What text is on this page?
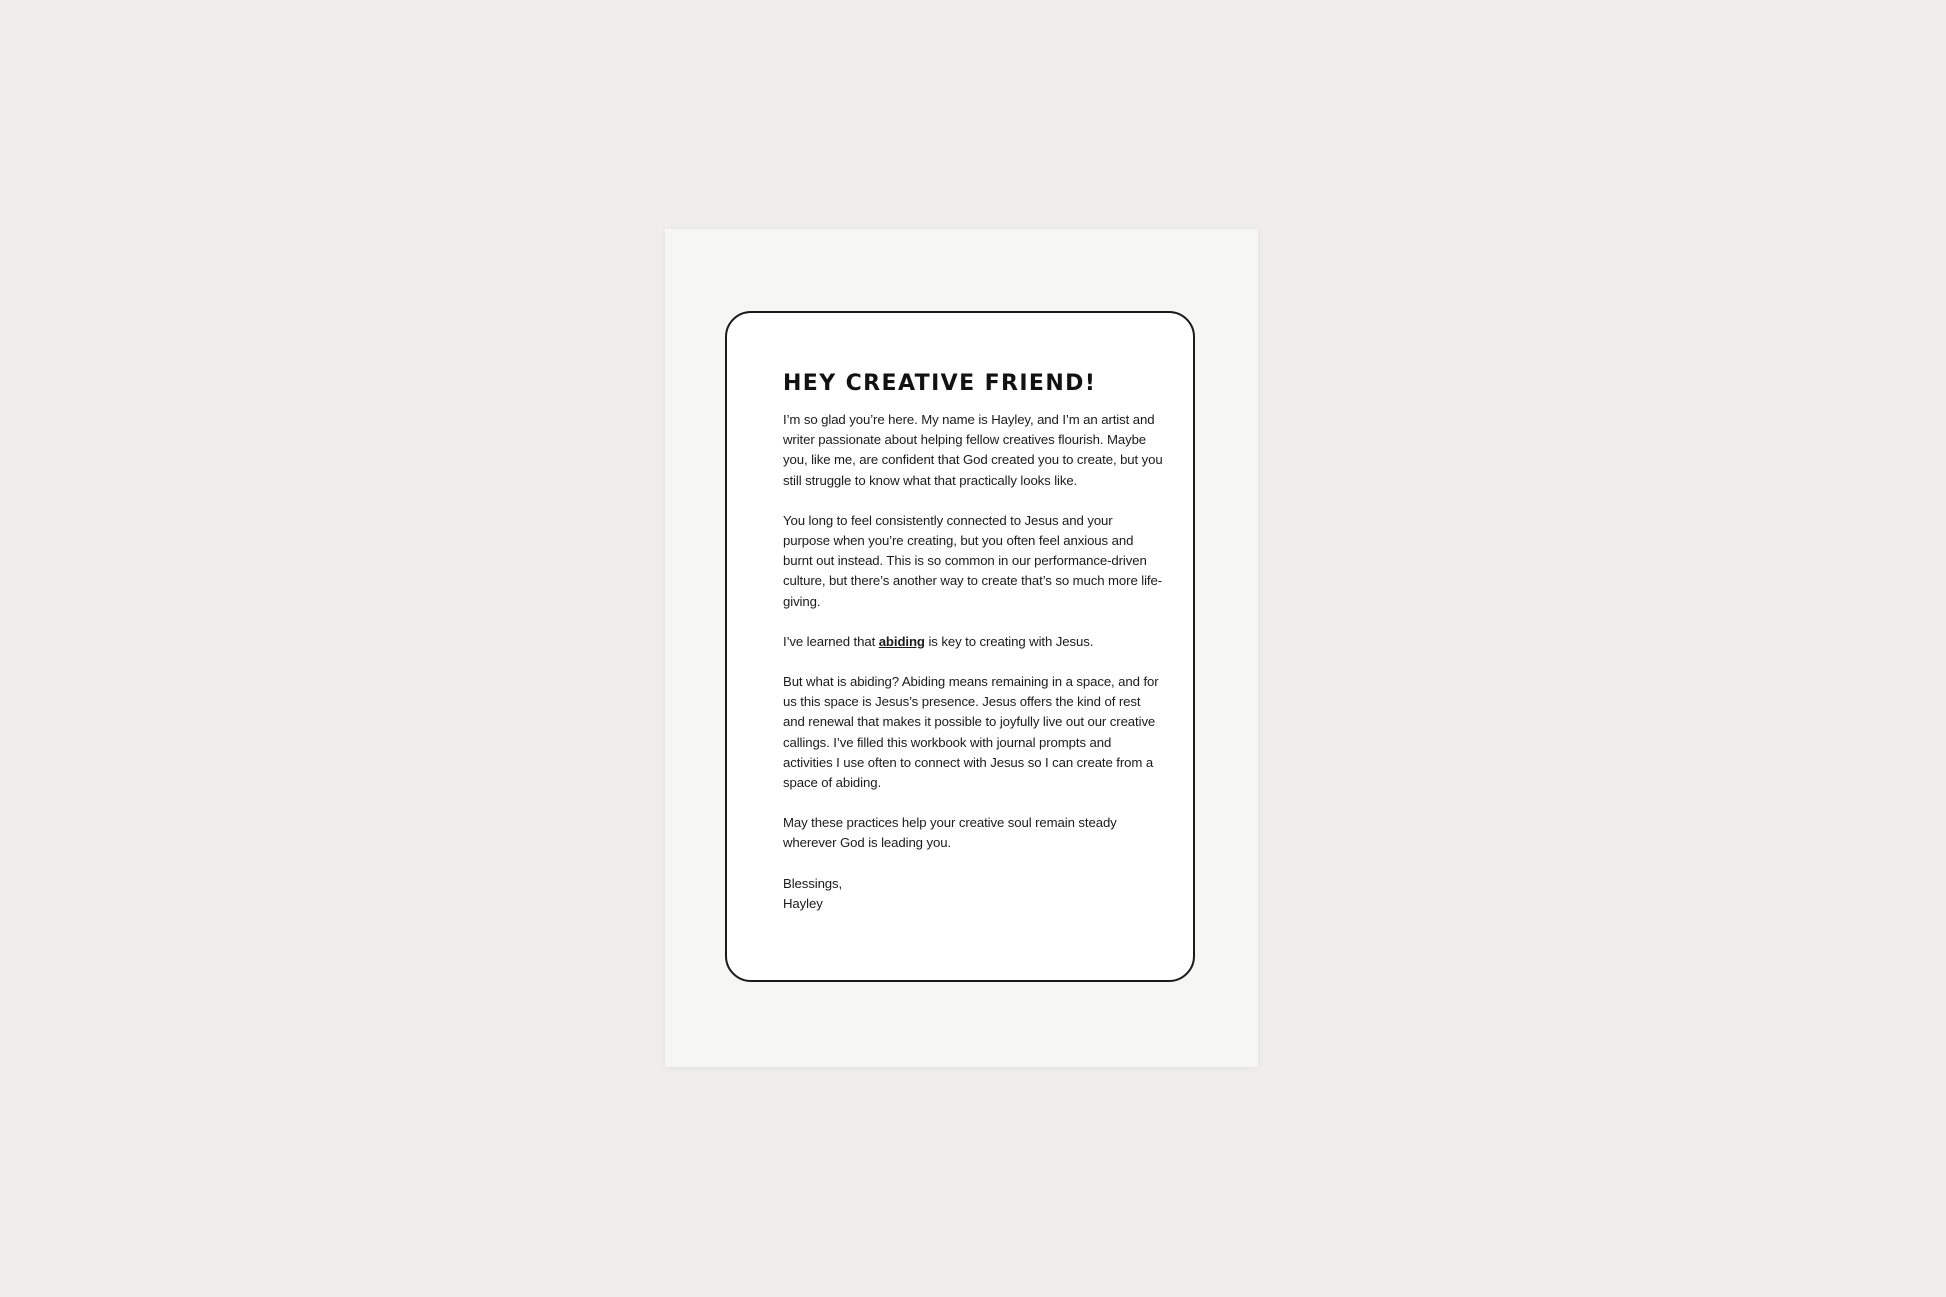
HEY CREATIVE FRIEND!

I’m so glad you’re here. My name is Hayley, and I’m an artist and writer passionate about helping fellow creatives flourish. Maybe you, like me, are confident that God created you to create, but you still struggle to know what that practically looks like.

You long to feel consistently connected to Jesus and your purpose when you’re creating, but you often feel anxious and burnt out instead. This is so common in our performance-driven culture, but there’s another way to create that’s so much more life-giving.

I’ve learned that abiding is key to creating with Jesus.

But what is abiding? Abiding means remaining in a space, and for us this space is Jesus’s presence. Jesus offers the kind of rest and renewal that makes it possible to joyfully live out our creative callings. I’ve filled this workbook with journal prompts and activities I use often to connect with Jesus so I can create from a space of abiding.

May these practices help your creative soul remain steady wherever God is leading you.

Blessings,
Hayley
